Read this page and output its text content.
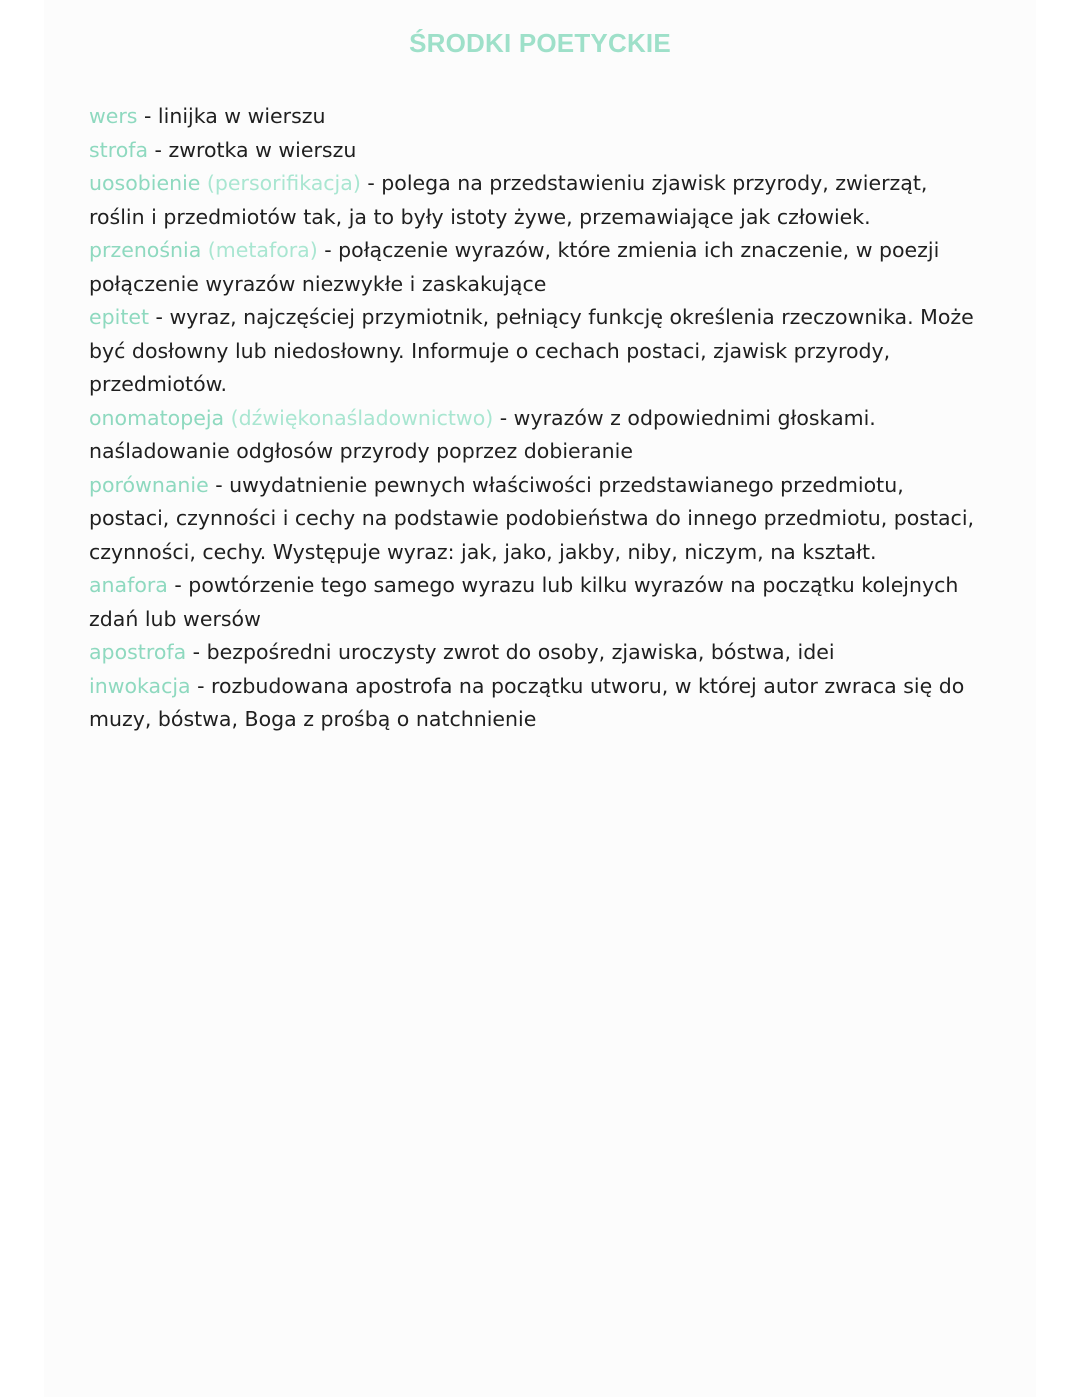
ŚRODKI POETYCKIE

wers - linijka w wierszu

strofa - zwrotka w wierszu

uosobienie (persorifikacja) - polega na przedstawieniu zjawisk przyrody, zwierząt, roślin i przedmiotów tak, ja to były istoty żywe, przemawiające jak człowiek.

przenośnia (metafora) - połączenie wyrazów, które zmienia ich znaczenie, w poezji połączenie wyrazów niezwykłe i zaskakujące

epitet - wyraz, najczęściej przymiotnik, pełniący funkcję określenia rzeczownika. Może być dosłowny lub niedosłowny. Informuje o cechach postaci, zjawisk przyrody, przedmiotów.

onomatopeja (dźwiękonaśladownictwo) - wyrazów z odpowiednimi głoskami. naśladowanie odgłosów przyrody poprzez dobieranie

porównanie - uwydatnienie pewnych właściwości przedstawianego przedmiotu, postaci, czynności i cechy na podstawie podobieństwa do innego przedmiotu, postaci, czynności, cechy. Występuje wyraz: jak, jako, jakby, niby, niczym, na kształt.

anafora - powtórzenie tego samego wyrazu lub kilku wyrazów na początku kolejnych zdań lub wersów

apostrofa - bezpośredni uroczysty zwrot do osoby, zjawiska, bóstwa, idei

inwokacja - rozbudowana apostrofa na początku utworu, w której autor zwraca się do muzy, bóstwa, Boga z prośbą o natchnienie
